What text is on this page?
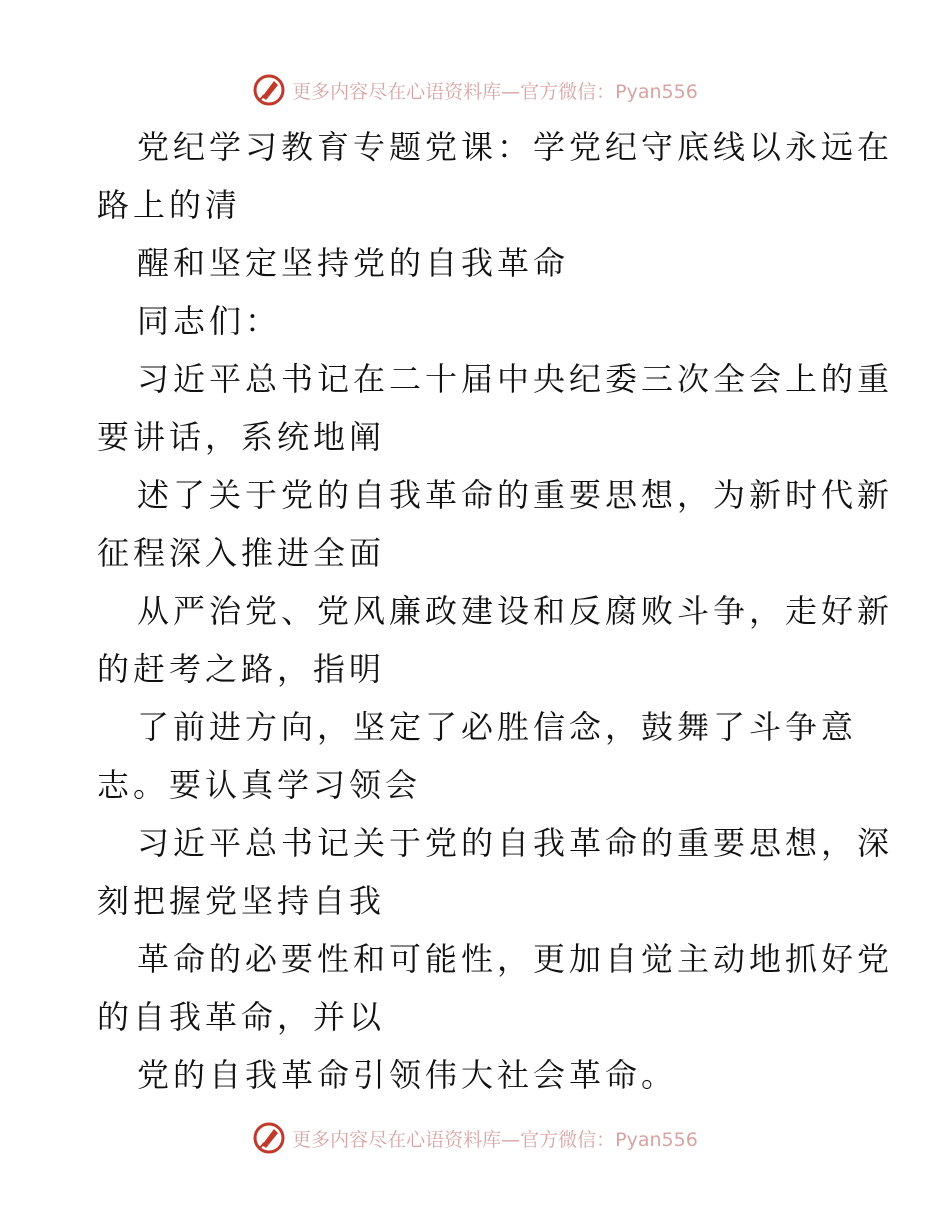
更多内容尽在心语资料库—官方微信：Pyan556

党纪学习教育专题党课：学党纪守底线以永远在
路上的清

醒和坚定坚持党的自我革命

同志们：

习近平总书记在二十届中央纪委三次全会上的重
要讲话，系统地阐

述了关于党的自我革命的重要思想，为新时代新
征程深入推进全面

从严治党、党风廉政建设和反腐败斗争，走好新
的赶考之路，指明

了前进方向，坚定了必胜信念，鼓舞了斗争意
志。要认真学习领会

习近平总书记关于党的自我革命的重要思想，深
刻把握党坚持自我

革命的必要性和可能性，更加自觉主动地抓好党
的自我革命，并以

党的自我革命引领伟大社会革命。

更多内容尽在心语资料库—官方微信：Pyan556
